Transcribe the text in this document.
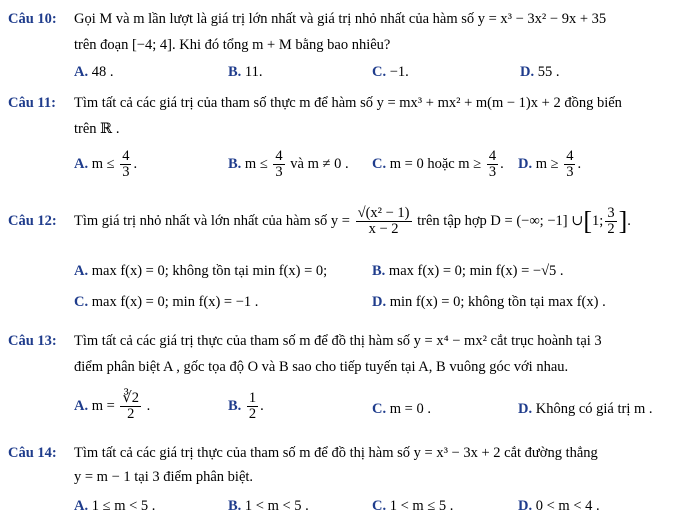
Câu 10: Gọi M và m lần lượt là giá trị lớn nhất và giá trị nhỏ nhất của hàm số y = x³ − 3x² − 9x + 35
trên đoạn [−4; 4]. Khi đó tổng m + M bằng bao nhiêu?
A. 48 .	B. 11.	C. −1.	D. 55 .
Câu 11: Tìm tất cả các giá trị của tham số thực m để hàm số y = mx³ + mx² + m(m − 1)x + 2 đồng biến
trên ℝ .
A. $m \le \frac{4}{3}$ .	B. $m \le \frac{4}{3}$ và m ≠ 0 . C. m = 0 hoặc $m \ge \frac{4}{3}$ . D. $m \ge \frac{4}{3}$ .
Câu 12: Tìm giá trị nhỏ nhất và lớn nhất của hàm số $y = \frac{\text{√(x² − 1)}}{x - 2}$ trên tập hợp D = (−∞; −1] ∪[1; $\frac{3}{2}$ ].
A. max f(x) = 0; không tồn tại min f(x) = 0;	B. max f(x) = 0; min f(x) = −√5 .
C. max f(x) = 0; min f(x) = −1 .	D. min f(x) = 0; không tồn tại max f(x) .
Câu 13: Tìm tất cả các giá trị thực của tham số m để đồ thị hàm số y = x⁴ − mx² cắt trục hoành tại 3
điểm phân biệt A , gốc tọa độ O và B sao cho tiếp tuyến tại A, B vuông góc với nhau.
A. $m = \frac{∛2}{2}$ .	B. $\frac{1}{2}$ .	C. m = 0 .	D. Không có giá trị m .
Câu 14: Tìm tất cả các giá trị thực của tham số m để đồ thị hàm số y = x³ − 3x + 2 cắt đường thẳng
y = m − 1 tại 3 điểm phân biệt.
A. 1 ≤ m < 5 .	B. 1 < m < 5 .	C. 1 < m ≤ 5 .	D. 0 < m < 4 .
